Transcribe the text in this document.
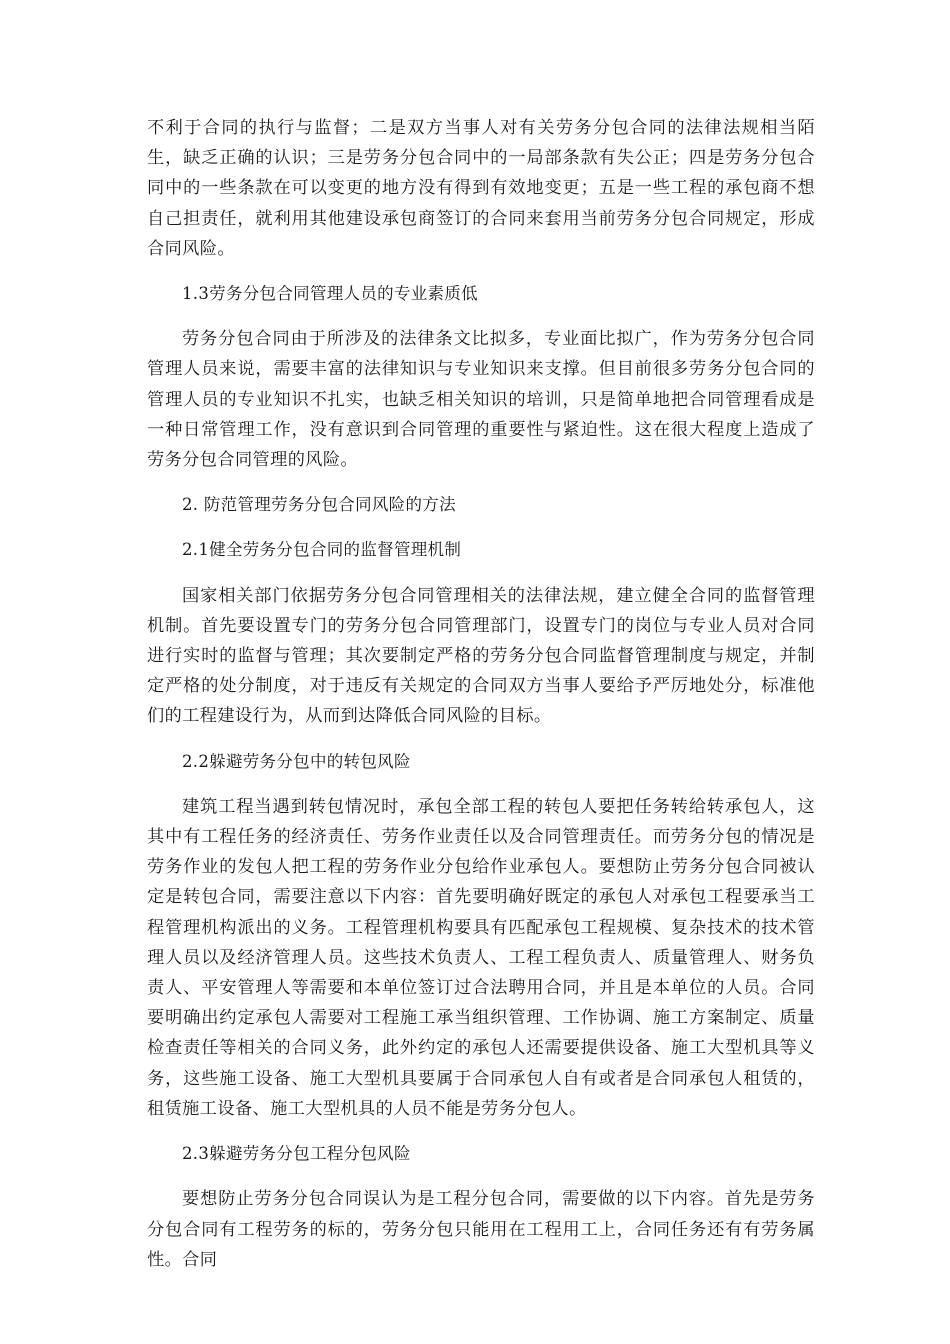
不利于合同的执行与监督；二是双方当事人对有关劳务分包合同的法律法规相当陌生，缺乏正确的认识；三是劳务分包合同中的一局部条款有失公正；四是劳务分包合同中的一些条款在可以变更的地方没有得到有效地变更；五是一些工程的承包商不想自己担责任，就利用其他建设承包商签订的合同来套用当前劳务分包合同规定，形成合同风险。

1.3劳务分包合同管理人员的专业素质低

劳务分包合同由于所涉及的法律条文比拟多，专业面比拟广，作为劳务分包合同管理人员来说，需要丰富的法律知识与专业知识来支撑。但目前很多劳务分包合同的管理人员的专业知识不扎实，也缺乏相关知识的培训，只是简单地把合同管理看成是一种日常管理工作，没有意识到合同管理的重要性与紧迫性。这在很大程度上造成了劳务分包合同管理的风险。

2. 防范管理劳务分包合同风险的方法

2.1健全劳务分包合同的监督管理机制

国家相关部门依据劳务分包合同管理相关的法律法规，建立健全合同的监督管理机制。首先要设置专门的劳务分包合同管理部门，设置专门的岗位与专业人员对合同进行实时的监督与管理；其次要制定严格的劳务分包合同监督管理制度与规定，并制定严格的处分制度，对于违反有关规定的合同双方当事人要给予严厉地处分，标准他们的工程建设行为，从而到达降低合同风险的目标。

2.2躲避劳务分包中的转包风险

建筑工程当遇到转包情况时，承包全部工程的转包人要把任务转给转承包人，这其中有工程任务的经济责任、劳务作业责任以及合同管理责任。而劳务分包的情况是劳务作业的发包人把工程的劳务作业分包给作业承包人。要想防止劳务分包合同被认定是转包合同，需要注意以下内容：首先要明确好既定的承包人对承包工程要承当工程管理机构派出的义务。工程管理机构要具有匹配承包工程规模、复杂技术的技术管理人员以及经济管理人员。这些技术负责人、工程工程负责人、质量管理人、财务负责人、平安管理人等需要和本单位签订过合法聘用合同，并且是本单位的人员。合同要明确出约定承包人需要对工程施工承当组织管理、工作协调、施工方案制定、质量检查责任等相关的合同义务，此外约定的承包人还需要提供设备、施工大型机具等义务，这些施工设备、施工大型机具要属于合同承包人自有或者是合同承包人租赁的，租赁施工设备、施工大型机具的人员不能是劳务分包人。

2.3躲避劳务分包工程分包风险

要想防止劳务分包合同误认为是工程分包合同，需要做的以下内容。首先是劳务分包合同有工程劳务的标的，劳务分包只能用在工程用工上，合同任务还有有劳务属性。合同
